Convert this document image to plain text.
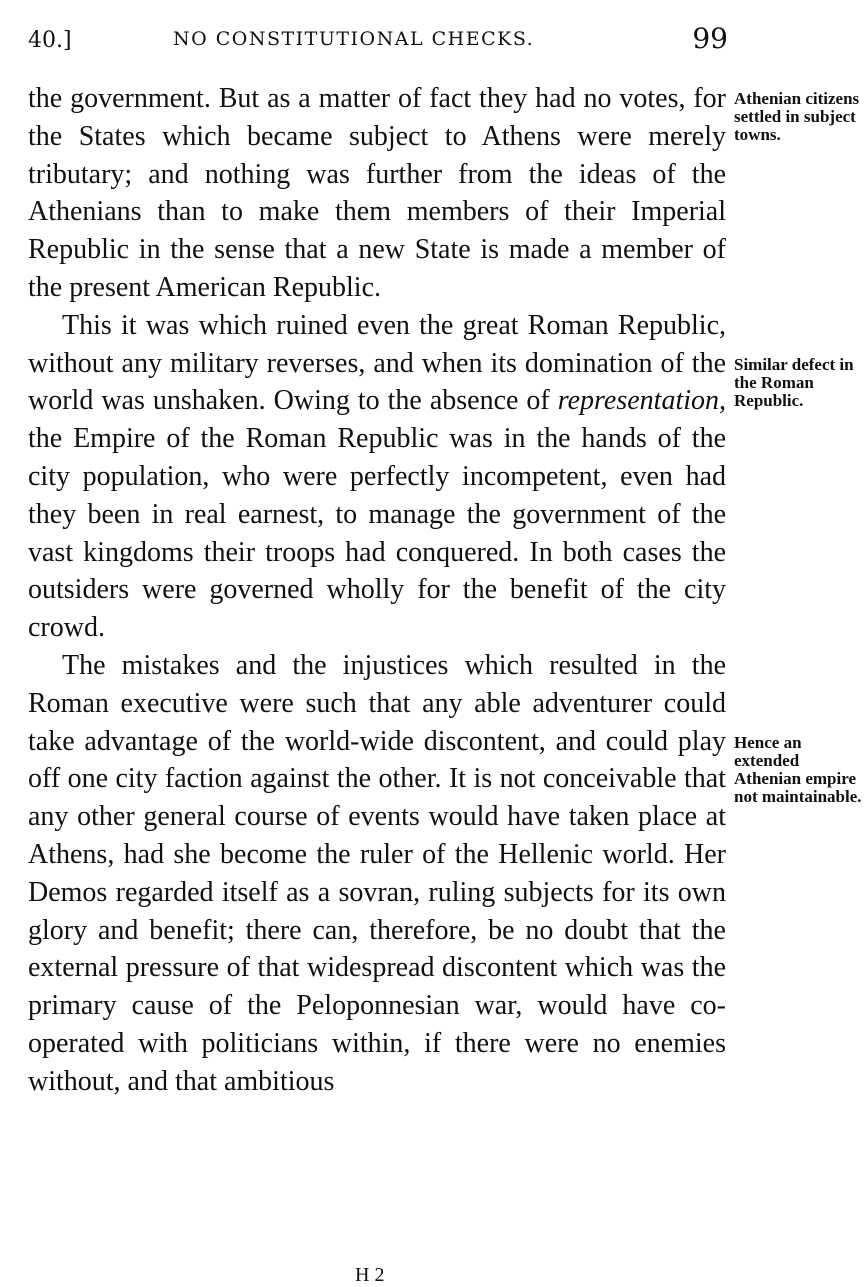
40.]	NO CONSTITUTIONAL CHECKS.	99

the government. But as a matter of fact they had no votes, for the States which became subject to Athens were merely tributary; and nothing was further from the ideas of the Athenians than to make them members of their Imperial Republic in the sense that a new State is made a member of the present American Republic.

This it was which ruined even the great Roman Republic, without any military reverses, and when its domination of the world was unshaken. Owing to the absence of representation, the Empire of the Roman Republic was in the hands of the city population, who were perfectly incompetent, even had they been in real earnest, to manage the government of the vast kingdoms their troops had conquered. In both cases the outsiders were governed wholly for the benefit of the city crowd.

The mistakes and the injustices which resulted in the Roman executive were such that any able adventurer could take advantage of the world-wide discontent, and could play off one city faction against the other. It is not conceivable that any other general course of events would have taken place at Athens, had she become the ruler of the Hellenic world. Her Demos regarded itself as a sovran, ruling subjects for its own glory and benefit; there can, therefore, be no doubt that the external pressure of that widespread discontent which was the primary cause of the Peloponnesian war, would have co-operated with politicians within, if there were no enemies without, and that ambitious

Athenian citizens settled in subject towns.
Similar defect in the Roman Republic.
Hence an extended Athenian empire not maintainable.
H 2
